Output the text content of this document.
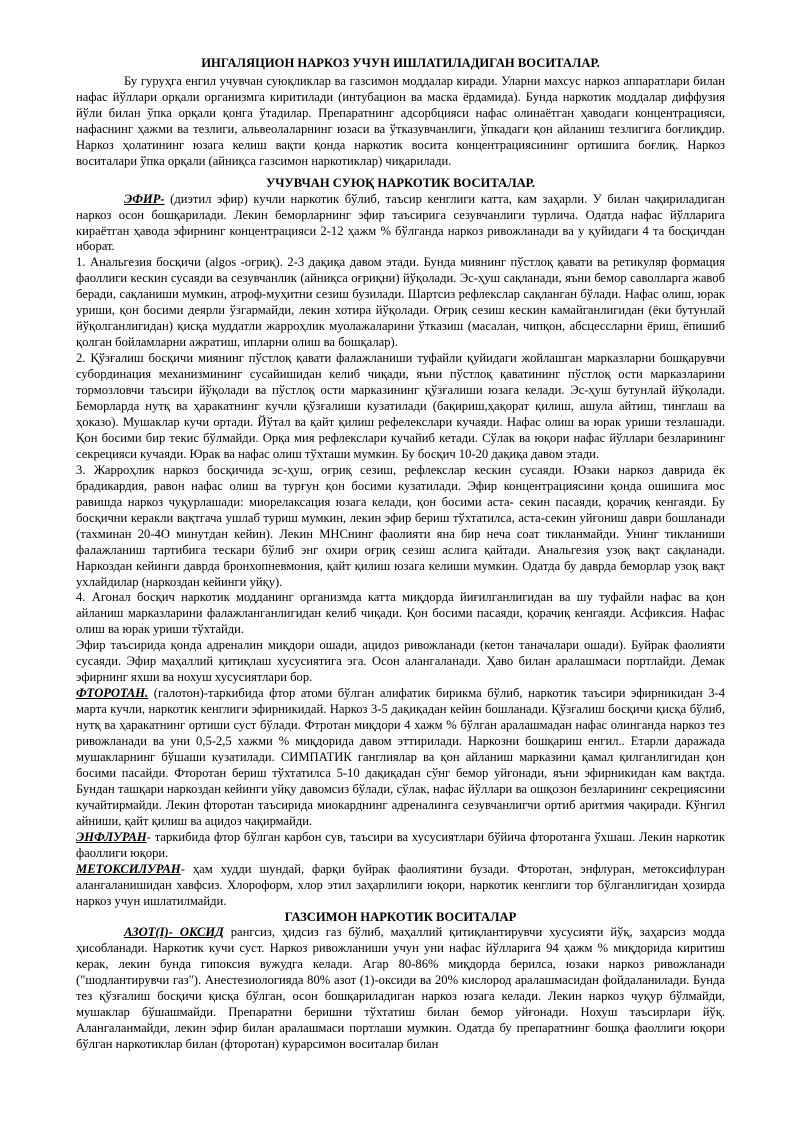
ИНГАЛЯЦИОН НАРКОЗ УЧУН ИШЛАТИЛАДИГАН ВОСИТАЛАР.

Бу гуруҳга енгил учувчан суюқликлар ва газсимон моддалар киради. Уларни махсус наркоз аппаратлари билан нафас йўллари орқали организмга киритилади (интубацион ва маска ёрдамида). Бунда наркотик моддалар диффузия йўли билан ўпка орқали қонга ўтадилар. Препаратнинг адсорбцияси нафас олинаётган ҳаводаги концентрацияси, нафаснинг ҳажми ва тезлиги, альвеолаларнинг юзаси ва ўтказувчанлиги, ўпкадаги қон айланиш тезлигига боғлиқдир. Наркоз ҳолатининг юзага келиш вақти қонда наркотик восита концентрациясининг ортишига боғлиқ. Наркоз воситалари ўпка орқали (айниқса газсимон наркотиклар) чиқарилади.

УЧУВЧАН СУЮҚ НАРКОТИК ВОСИТАЛАР.

ЭФИР- (диэтил эфир) кучли наркотик бўлиб, таъсир кенглиги катта, кам заҳарли. У билан чақириладиган наркоз осон бошқарилади. Лекин беморларнинг эфир таъсирига сезувчанлиги турлича. Одатда нафас йўлларига кираётган ҳавода эфирнинг концентрацияси 2-12 ҳажм % бўлганда наркоз ривожланади ва у қуйидаги 4 та босқичдан иборат.

1. Анальгезия босқичи (algos -оғриқ). 2-3 дақиқа давом этади. Бунда миянинг пўстлоқ қавати ва ретикуляр формация фаоллиги кескин сусаяди ва сезувчанлик (айниқса оғриқни) йўқолади. Эс-ҳуш сақланади, яъни бемор саволларга жавоб беради, сақланиши мумкин, атроф-муҳитни сезиш бузилади. Шартсиз рефлекслар сақланган бўлади. Нафас олиш, юрак уриши, қон босими деярли ўзгармайди, лекин хотира йўқолади. Оғриқ сезиш кескин камайганлигидан (ёки бутунлай йўқолганлигидан) қисқа муддатли жарроҳлик муолажаларини ўтказиш (масалан, чипқон, абсцессларни ёриш, ёпишиб қолган бойламларни ажратиш, ипларни олиш ва бошқалар).

2. Қўзғалиш босқичи миянинг пўстлоқ қавати фалажланиши туфайли қуйидаги жойлашган марказларни бошқарувчи субординация механизмининг сусайишидан келиб чиқади, яъни пўстлоқ қаватининг пўстлоқ ости марказларини тормозловчи таъсири йўқолади ва пўстлоқ ости марказининг қўзғалиши юзага келади. Эс-ҳуш бутунлай йўқолади. Беморларда нутқ ва ҳаракатнинг кучли қўзғалиши кузатилади (бақириш,ҳақорат қилиш, ашула айтиш, тинглаш ва ҳоказо). Мушаклар кучи ортади. Йўтал ва қайт қилиш рефелекслари кучаяди. Нафас олиш ва юрак уриши тезлашади. Қон босими бир текис бўлмайди. Орқа мия рефлекслари кучайиб кетади. Сўлак ва юқори нафас йўллари безларининг секрецияси кучаяди. Юрак ва нафас олиш тўхташи мумкин. Бу босқич 10-20 дақиқа давом этади.

3. Жарроҳлик наркоз босқичида эс-ҳуш, оғриқ сезиш, рефлекслар кескин сусаяди. Юзаки наркоз даврида ёк брадикардия, равон нафас олиш ва турғун қон босими кузатилади. Эфир концентрациясини қонда ошишига мос равишда наркоз чуқурлашади: миорелаксация юзага келади, қон босими аста- секин пасаяди, қорачиқ кенгаяди. Бу босқични керакли вақтгача ушлаб туриш мумкин, лекин эфир бериш тўхтатилса, аста-секин уйғониш даври бошланади (тахминан 20-4О минутдан кейин). Лекин МНСнинг фаолияти яна бир неча соат тикланмайди. Унинг тикланиши фалажланиш тартибига тескари бўлиб энг охири оғриқ сезиш аслига қайтади. Анальгезия узоқ вақт сақланади. Наркоздан кейинги даврда бронхопневмония, қайт қилиш юзага келиши мумкин. Одатда бу даврда беморлар узоқ вақт ухлайдилар (наркоздан кейинги уйқу).

4. Агонал босқич наркотик модданинг организмда катта миқдорда йиғилганлигидан ва шу туфайли нафас ва қон айланиш марказларини фалажланганлигидан келиб чиқади. Қон босими пасаяди, қорачиқ кенгаяди. Асфиксия. Нафас олиш ва юрак уриши тўхтайди.

Эфир таъсирида қонда адреналин миқдори ошади, ацидоз ривожланади (кетон таначалари ошади). Буйрак фаолияти сусаяди. Эфир маҳаллий қитиқлаш хусусиятига эга. Осон алангаланади. Ҳаво билан аралашмаси портлайди. Демак эфирнинг яхши ва нохуш хусусиятлари бор.

ФТОРОТАН. (галотон)-таркибида фтор атоми бўлган алифатик бирикма бўлиб, наркотик таъсири эфирникидан 3-4 марта кучли, наркотик кенглиги эфирникидай. Наркоз 3-5 дақиқадан кейин бошланади. Қўзғалиш босқичи қисқа бўлиб, нутқ ва ҳаракатнинг ортиши суст бўлади. Фтротан миқдори 4 хажм % бўлган аралашмадан нафас олинганда наркоз тез ривожланади ва уни 0,5-2,5 хажми % миқдорида давом эттирилади. Наркозни бошқариш енгил.. Етарли даражада мушакларнинг бўшаши кузатилади. СИМПАТИК ганглиялар ва қон айланиш марказини қамал қилганлигидан қон босими пасайди. Фторотан бериш тўхтатилса 5-10 дақиқадан сўнг бемор уйғонади, яъни эфирникидан кам вақтда. Бундан ташқари наркоздан кейинги уйқу давомсиз бўлади, сўлак, нафас йўллари ва ошқозон безларининг секрециясини кучайтирмайди. Лекин фторотан таъсирида миокарднинг адреналинга сезувчанлигчи ортиб аритмия чақиради. Кўнгил айниши, қайт қилиш ва ацидоз чақирмайди.

ЭНФЛУРАН- таркибида фтор бўлган карбон сув, таъсири ва хусусиятлари бўйича фторотанга ўхшаш. Лекин наркотик фаоллиги юқори.

МЕТОКСИЛУРАН- ҳам худди шундай, фарқи буйрак фаолиятини бузади. Фторотан, энфлуран, метоксифлуран алангаланишидан хавфсиз. Хлороформ, хлор этил заҳарлилиги юқори, наркотик кенглиги тор бўлганлигидан ҳозирда наркоз учун ишлатилмайди.

ГАЗСИМОН НАРКОТИК ВОСИТАЛАР

АЗОТ(I)- ОКСИД рангсиз, ҳидсиз газ бўлиб, маҳаллий қитиқлантирувчи хусусияти йўқ, заҳарсиз модда ҳисобланади. Наркотик кучи суст. Наркоз ривожланиши учун уни нафас йўлларига 94 ҳажм % миқдорида киритиш керак, лекин бунда гипоксия вужудга келади. Агар 80-86% миқдорда берилса, юзаки наркоз ривожланади ("шодлантирувчи газ"). Анестезиологияда 80% азот (1)-оксиди ва 20% кислород аралашмасидан фойдаланилади. Бунда тез қўзғалиш босқичи қисқа бўлган, осон бошқариладиган наркоз юзага келади. Лекин наркоз чуқур бўлмайди, мушаклар бўшашмайди. Препаратни беришни тўхтатиш билан бемор уйғонади. Нохуш таъсирлари йўқ. Алангаланмайди, лекин эфир билан аралашмаси портлаши мумкин. Одатда бу препаратнинг бошқа фаоллиги юқори бўлган наркотиклар билан (фторотан) курарсимон воситалар билан
